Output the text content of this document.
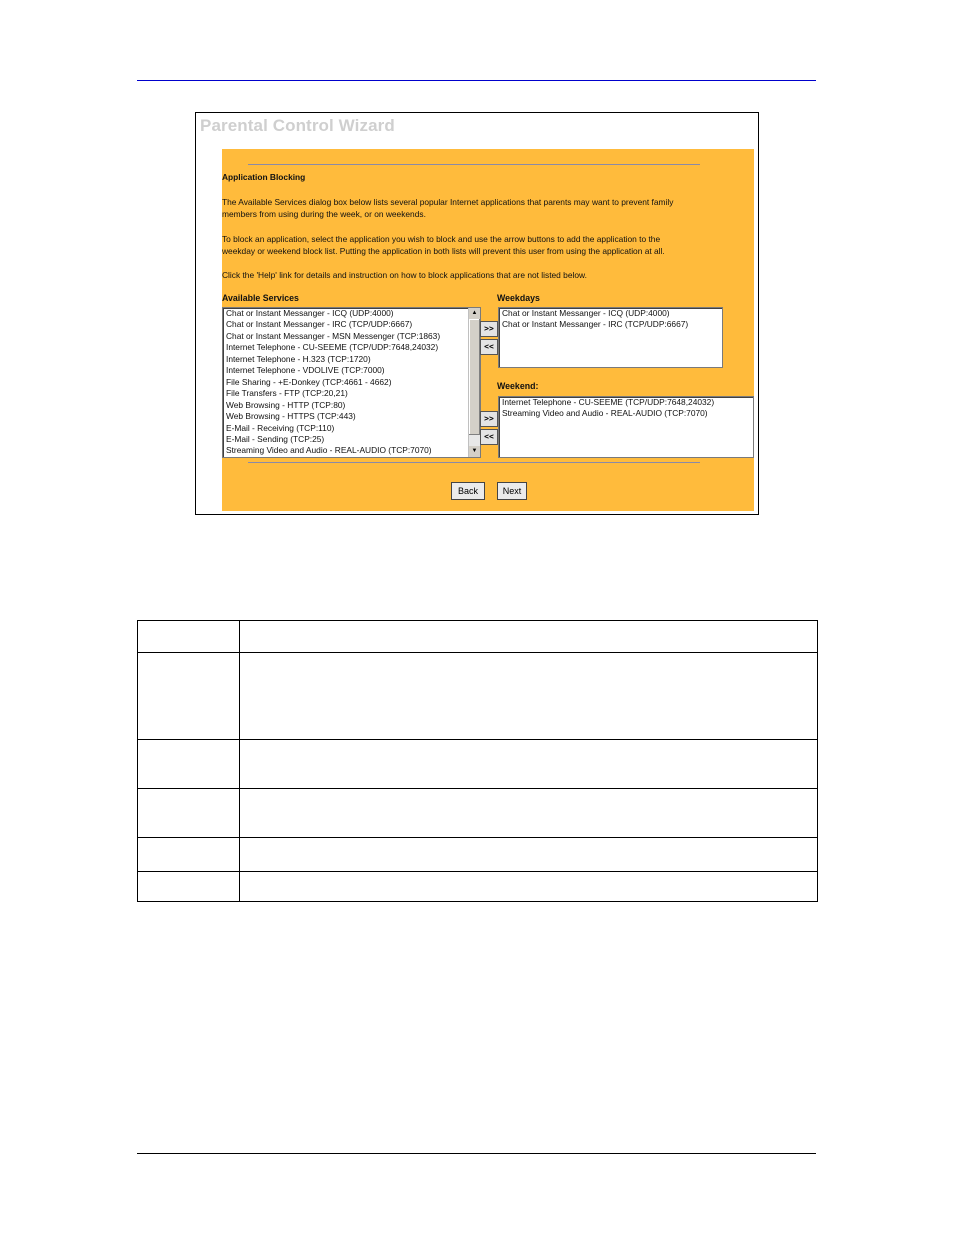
Parental Control Wizard
Application Blocking
The Available Services dialog box below lists several popular Internet applications that parents may want to prevent family
members from using during the week, or on weekends.
To block an application, select the application you wish to block and use the arrow buttons to add the application to the
weekday or weekend block list. Putting the application in both lists will prevent this user from using the application at all.
Click the 'Help' link for details and instruction on how to block applications that are not listed below.
Available Services	Weekdays
Weekend:
Chat or Instant Messanger - ICQ (UDP:4000)
Chat or Instant Messanger - IRC (TCP/UDP:6667)
Chat or Instant Messanger - MSN Messenger (TCP:1863)
Internet Telephone - CU-SEEME (TCP/UDP:7648,24032)
Internet Telephone - H.323 (TCP:1720)
Internet Telephone - VDOLIVE (TCP:7000)
File Sharing - +E-Donkey (TCP:4661 - 4662)
File Transfers - FTP (TCP:20,21)
Web Browsing - HTTP (TCP:80)
Web Browsing - HTTPS (TCP:443)
E-Mail - Receiving (TCP:110)
E-Mail - Sending (TCP:25)
Streaming Video and Audio - REAL-AUDIO (TCP:7070)
▲
▼
>>
<<
>>
<<
Chat or Instant Messanger - ICQ (UDP:4000)
Chat or Instant Messanger - IRC (TCP/UDP:6667)
Internet Telephone - CU-SEEME (TCP/UDP:7648,24032)
Streaming Video and Audio - REAL-AUDIO (TCP:7070)
Back	Next
